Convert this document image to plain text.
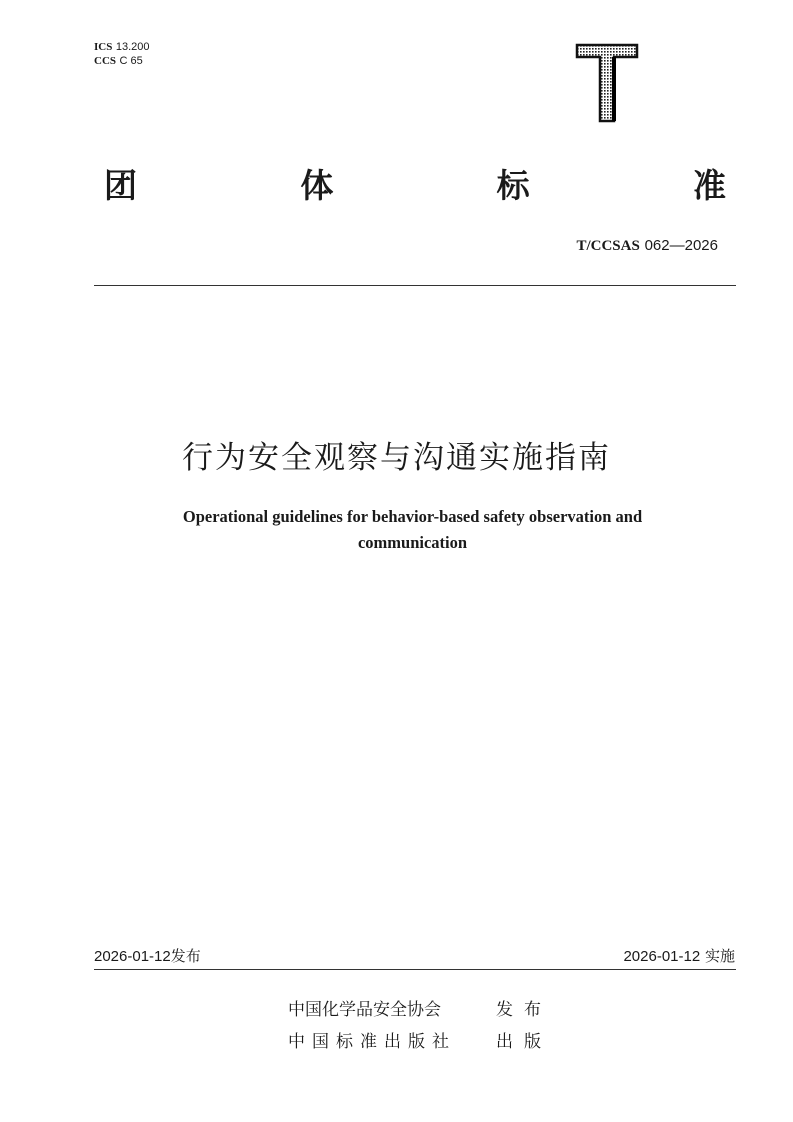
ICS 13.200
CCS C 65
团	体	标	准
T/CCSAS 062—2026
行为安全观察与沟通实施指南
Operational guidelines for behavior-based safety observation and communication
2026-01-12发布	2026-01-12 实施
中国化学品安全协会	发布
中国标准出版社	出版
